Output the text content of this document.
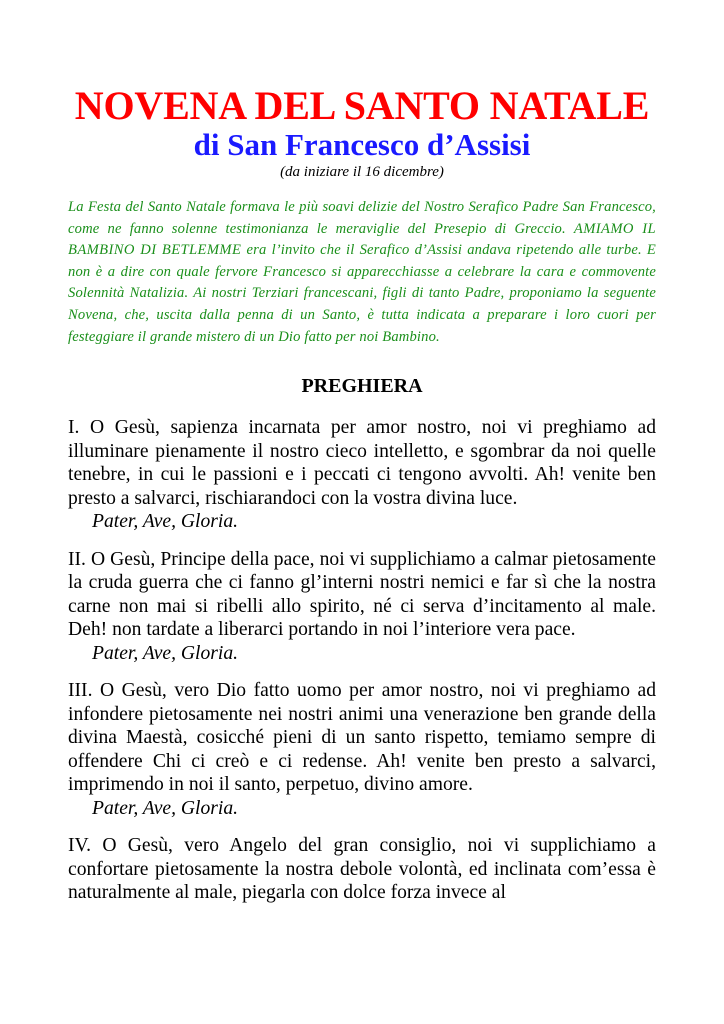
NOVENA DEL SANTO NATALE
di San Francesco d’Assisi

(da iniziare il 16 dicembre)

La Festa del Santo Natale formava le più soavi delizie del Nostro Serafico Padre San Francesco, come ne fanno solenne testimonianza le meraviglie del Presepio di Greccio. AMIAMO IL BAMBINO DI BETLEMME era l’invito che il Serafico d’Assisi andava ripetendo alle turbe. E non è a dire con quale fervore Francesco si apparecchiasse a celebrare la cara e commovente Solennità Natalizia. Ai nostri Terziari francescani, figli di tanto Padre, proponiamo la seguente Novena, che, uscita dalla penna di un Santo, è tutta indicata a preparare i loro cuori per festeggiare il grande mistero di un Dio fatto per noi Bambino.

PREGHIERA
I. O Gesù, sapienza incarnata per amor nostro, noi vi preghiamo ad illuminare pienamente il nostro cieco intelletto, e sgombrar da noi quelle tenebre, in cui le passioni e i peccati ci tengono avvolti. Ah! venite ben presto a salvarci, rischiarandoci con la vostra divina luce.
Pater, Ave, Gloria.
II. O Gesù, Principe della pace, noi vi supplichiamo a calmar pietosamente la cruda guerra che ci fanno gl’interni nostri nemici e far sì che la nostra carne non mai si ribelli allo spirito, né ci serva d’incitamento al male. Deh! non tardate a liberarci portando in noi l’interiore vera pace.
Pater, Ave, Gloria.
III. O Gesù, vero Dio fatto uomo per amor nostro, noi vi preghiamo ad infondere pietosamente nei nostri animi una venerazione ben grande della divina Maestà, cosicché pieni di un santo rispetto, temiamo sempre di offendere Chi ci creò e ci redense. Ah! venite ben presto a salvarci, imprimendo in noi il santo, perpetuo, divino amore.
Pater, Ave, Gloria.
IV. O Gesù, vero Angelo del gran consiglio, noi vi supplichiamo a confortare pietosamente la nostra debole volontà, ed inclinata com’essa è naturalmente al male, piegarla con dolce forza invece al
